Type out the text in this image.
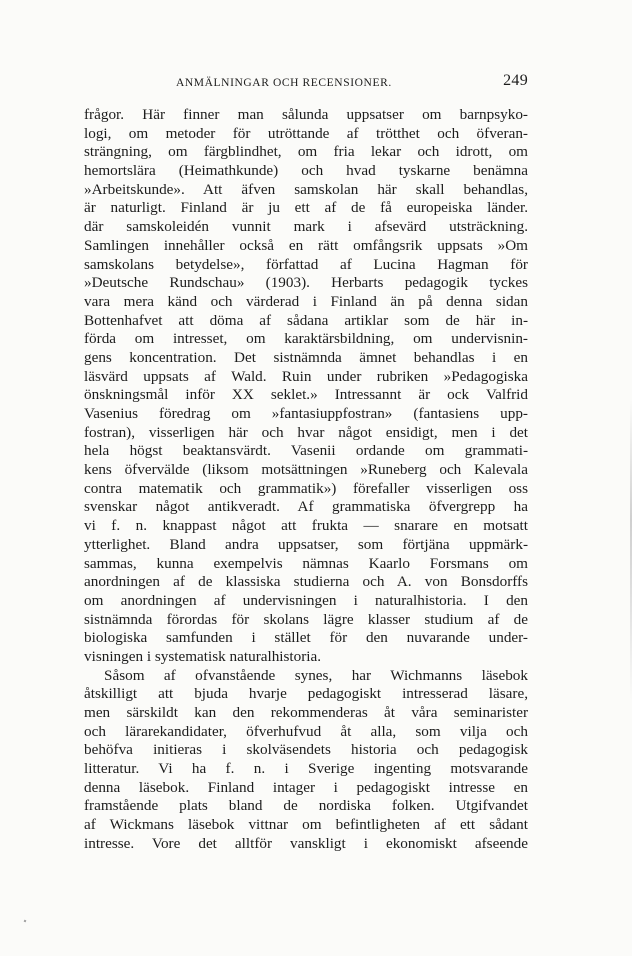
ANMÄLNINGAR OCH RECENSIONER.	249
frågor. Här finner man sålunda uppsatser om barnpsyko-
logi, om metoder för utröttande af trötthet och öfveran-
strängning, om färgblindhet, om fria lekar och idrott, om
hemortslära (Heimathkunde) och hvad tyskarne benämna
»Arbeitskunde». Att äfven samskolan här skall behandlas,
är naturligt. Finland är ju ett af de få europeiska länder.
där samskoleidén vunnit mark i afsevärd utsträckning.
Samlingen innehåller också en rätt omfångsrik uppsats »Om
samskolans betydelse», författad af Lucina Hagman för
»Deutsche Rundschau» (1903). Herbarts pedagogik tyckes
vara mera känd och värderad i Finland än på denna sidan
Bottenhafvet att döma af sådana artiklar som de här in-
förda om intresset, om karaktärsbildning, om undervisnin-
gens koncentration. Det sistnämnda ämnet behandlas i en
läsvärd uppsats af Wald. Ruin under rubriken »Pedagogiska
önskningsmål inför XX seklet.» Intressannt är ock Valfrid
Vasenius föredrag om »fantasiuppfostran» (fantasiens upp-
fostran), visserligen här och hvar något ensidigt, men i det
hela högst beaktansvärdt. Vasenii ordande om grammati-
kens öfvervälde (liksom motsättningen »Runeberg och Kalevala
contra matematik och grammatik») förefaller visserligen oss
svenskar något antikveradt. Af grammatiska öfvergrepp ha
vi f. n. knappast något att frukta — snarare en motsatt
ytterlighet. Bland andra uppsatser, som förtjäna uppmärk-
sammas, kunna exempelvis nämnas Kaarlo Forsmans om
anordningen af de klassiska studierna och A. von Bonsdorffs
om anordningen af undervisningen i naturalhistoria. I den
sistnämnda förordas för skolans lägre klasser studium af de
biologiska samfunden i stället för den nuvarande under-
visningen i systematisk naturalhistoria.
Såsom af ofvanstående synes, har Wichmanns läsebok
åtskilligt att bjuda hvarje pedagogiskt intresserad läsare,
men särskildt kan den rekommenderas åt våra seminarister
och lärarekandidater, öfverhufvud åt alla, som vilja och
behöfva initieras i skolväsendets historia och pedagogisk
litteratur. Vi ha f. n. i Sverige ingenting motsvarande
denna läsebok. Finland intager i pedagogiskt intresse en
framstående plats bland de nordiska folken. Utgifvandet
af Wickmans läsebok vittnar om befintligheten af ett sådant
intresse. Vore det alltför vanskligt i ekonomiskt afseende
